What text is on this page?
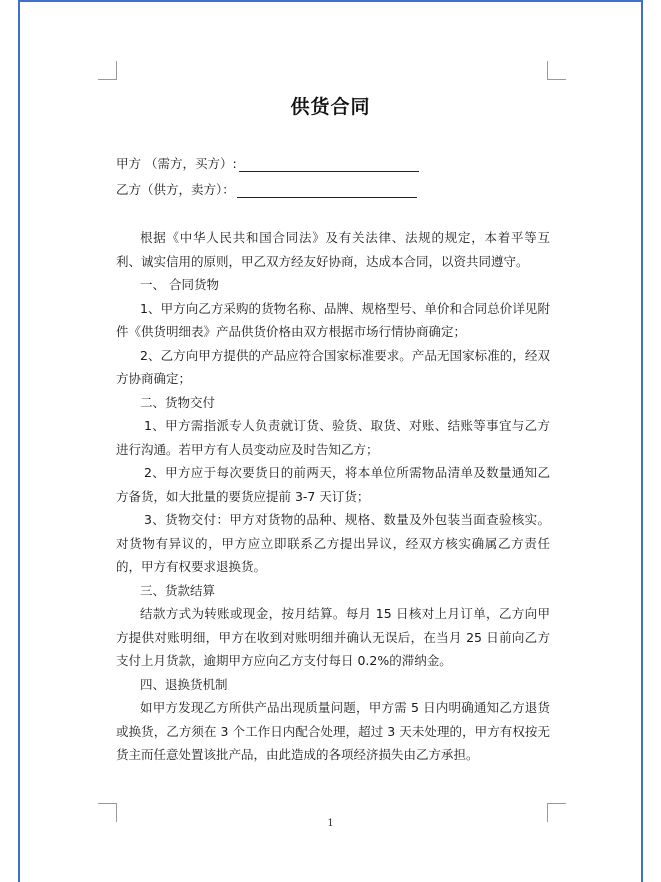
供货合同
甲方 （需方，买方）:
乙方（供方，卖方）：

根据《中华人民共和国合同法》及有关法律、法规的规定，本着平等互利、诚实信用的原则，甲乙双方经友好协商，达成本合同，以资共同遵守。

一、 合同货物

1、甲方向乙方采购的货物名称、品牌、规格型号、单价和合同总价详见附件《供货明细表》产品供货价格由双方根据市场行情协商确定；

2、乙方向甲方提供的产品应符合国家标准要求。产品无国家标准的，经双方协商确定；

二、货物交付

1、甲方需指派专人负责就订货、验货、取货、对账、结账等事宜与乙方进行沟通。若甲方有人员变动应及时告知乙方；

2、甲方应于每次要货日的前两天，将本单位所需物品清单及数量通知乙方备货，如大批量的要货应提前 3-7 天订货；

3、货物交付：甲方对货物的品种、规格、数量及外包装当面查验核实。对货物有异议的，甲方应立即联系乙方提出异议，经双方核实确属乙方责任的，甲方有权要求退换货。

三、货款结算

结款方式为转账或现金，按月结算。每月 15 日核对上月订单，乙方向甲方提供对账明细，甲方在收到对账明细并确认无误后，在当月 25 日前向乙方支付上月货款，逾期甲方应向乙方支付每日 0.2%的滞纳金。

四、退换货机制

如甲方发现乙方所供产品出现质量问题，甲方需 5 日内明确通知乙方退货或换货，乙方须在 3 个工作日内配合处理，超过 3 天未处理的，甲方有权按无货主而任意处置该批产品，由此造成的各项经济损失由乙方承担。

1
